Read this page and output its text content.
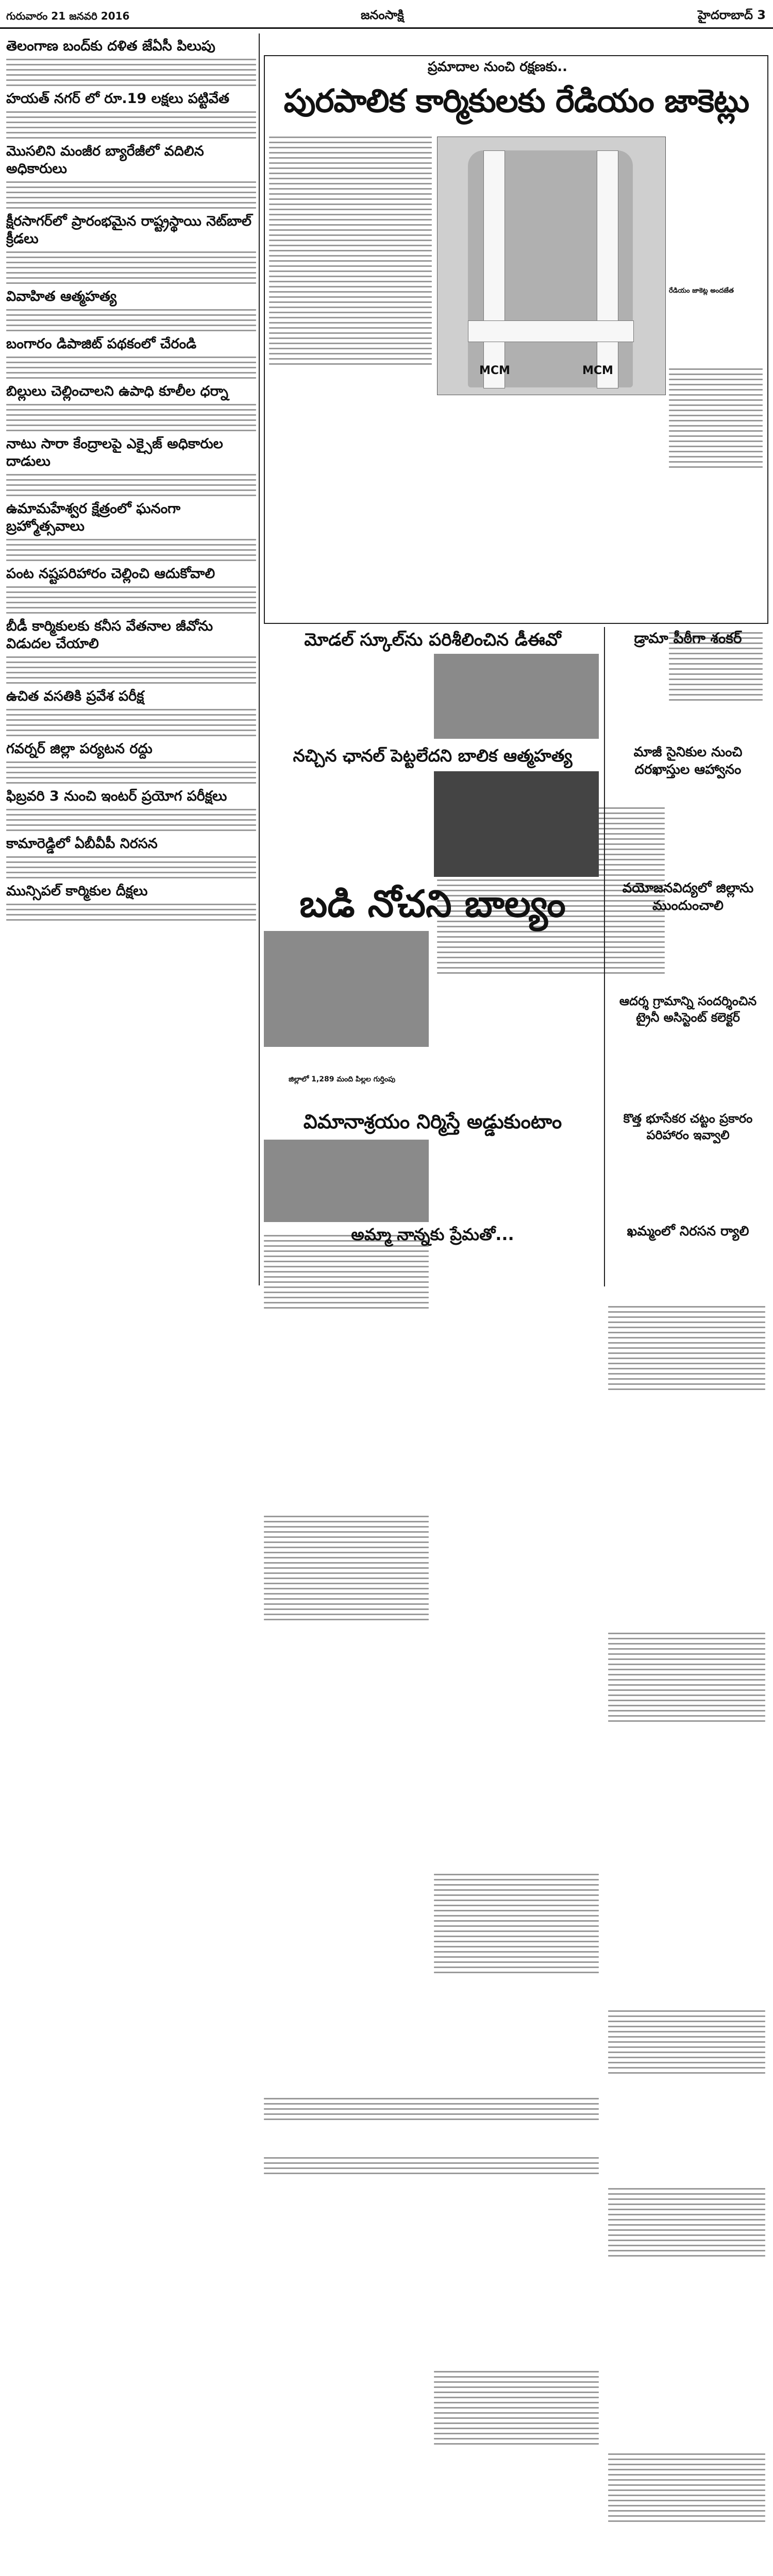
గురువారం 21 జనవరి 2016	జనంసాక్షి	హైదరాబాద్ 3
తెలంగాణ బంద్‌కు దళిత జేఏసీ పిలుపు
హయత్ నగర్ లో రూ.19 లక్షలు పట్టివేత
మొసలిని మంజీర బ్యారేజీలో వదిలిన అధికారులు
క్షీరసాగర్‌లో ప్రారంభమైన రాష్ట్రస్థాయి నెట్‌బాల్ క్రీడలు
వివాహిత ఆత్మహత్య
బంగారం డిపాజిట్ పథకంలో చేరండి
బిల్లులు చెల్లించాలని ఉపాధి కూలీల ధర్నా
నాటు సారా కేంద్రాలపై ఎక్సైజ్ అధికారుల దాడులు
ఉమామహేశ్వర క్షేత్రంలో ఘనంగా బ్రహ్మోత్సవాలు
పంట నష్టపరిహారం చెల్లించి ఆదుకోవాలి
బీడీ కార్మికులకు కనీస వేతనాల జీవోను విడుదల చేయాలి
ఉచిత వసతికి ప్రవేశ పరీక్ష
గవర్నర్ జిల్లా పర్యటన రద్దు
ఫిబ్రవరి 3 నుంచి ఇంటర్ ప్రయోగ పరీక్షలు
కామారెడ్డిలో ఏబీవీపీ నిరసన
మున్సిపల్ కార్మికుల దీక్షలు
ప్రమాదాల నుంచి రక్షణకు..
పురపాలిక కార్మికులకు రేడియం జాకెట్లు
MCM	MCM
రేడియం జాకెట్ల అందజేత
మోడల్ స్కూల్‌ను పరిశీలించిన డీఈవో	డ్రామా పీఠీగా శంకర్
నచ్చిన ఛానల్ పెట్టలేదని బాలిక ఆత్మహత్య	మాజీ సైనికుల నుంచి దరఖాస్తుల ఆహ్వానం
బడి నోచని బాల్యం
జిల్లాలో 1,289 మంది పిల్లల గుర్తింపు
వయోజనవిద్యలో జిల్లాను ముందుంచాలి
ఆదర్శ గ్రామాన్ని సందర్శించిన ట్రైనీ అసిస్టెంట్ కలెక్టర్
విమానాశ్రయం నిర్మిస్తే అడ్డుకుంటాం	కొత్త భూసేకర చట్టం ప్రకారం పరిహారం ఇవ్వాలి
అమ్మా నాన్నకు ప్రేమతో...	ఖమ్మంలో నిరసన ర్యాలి
